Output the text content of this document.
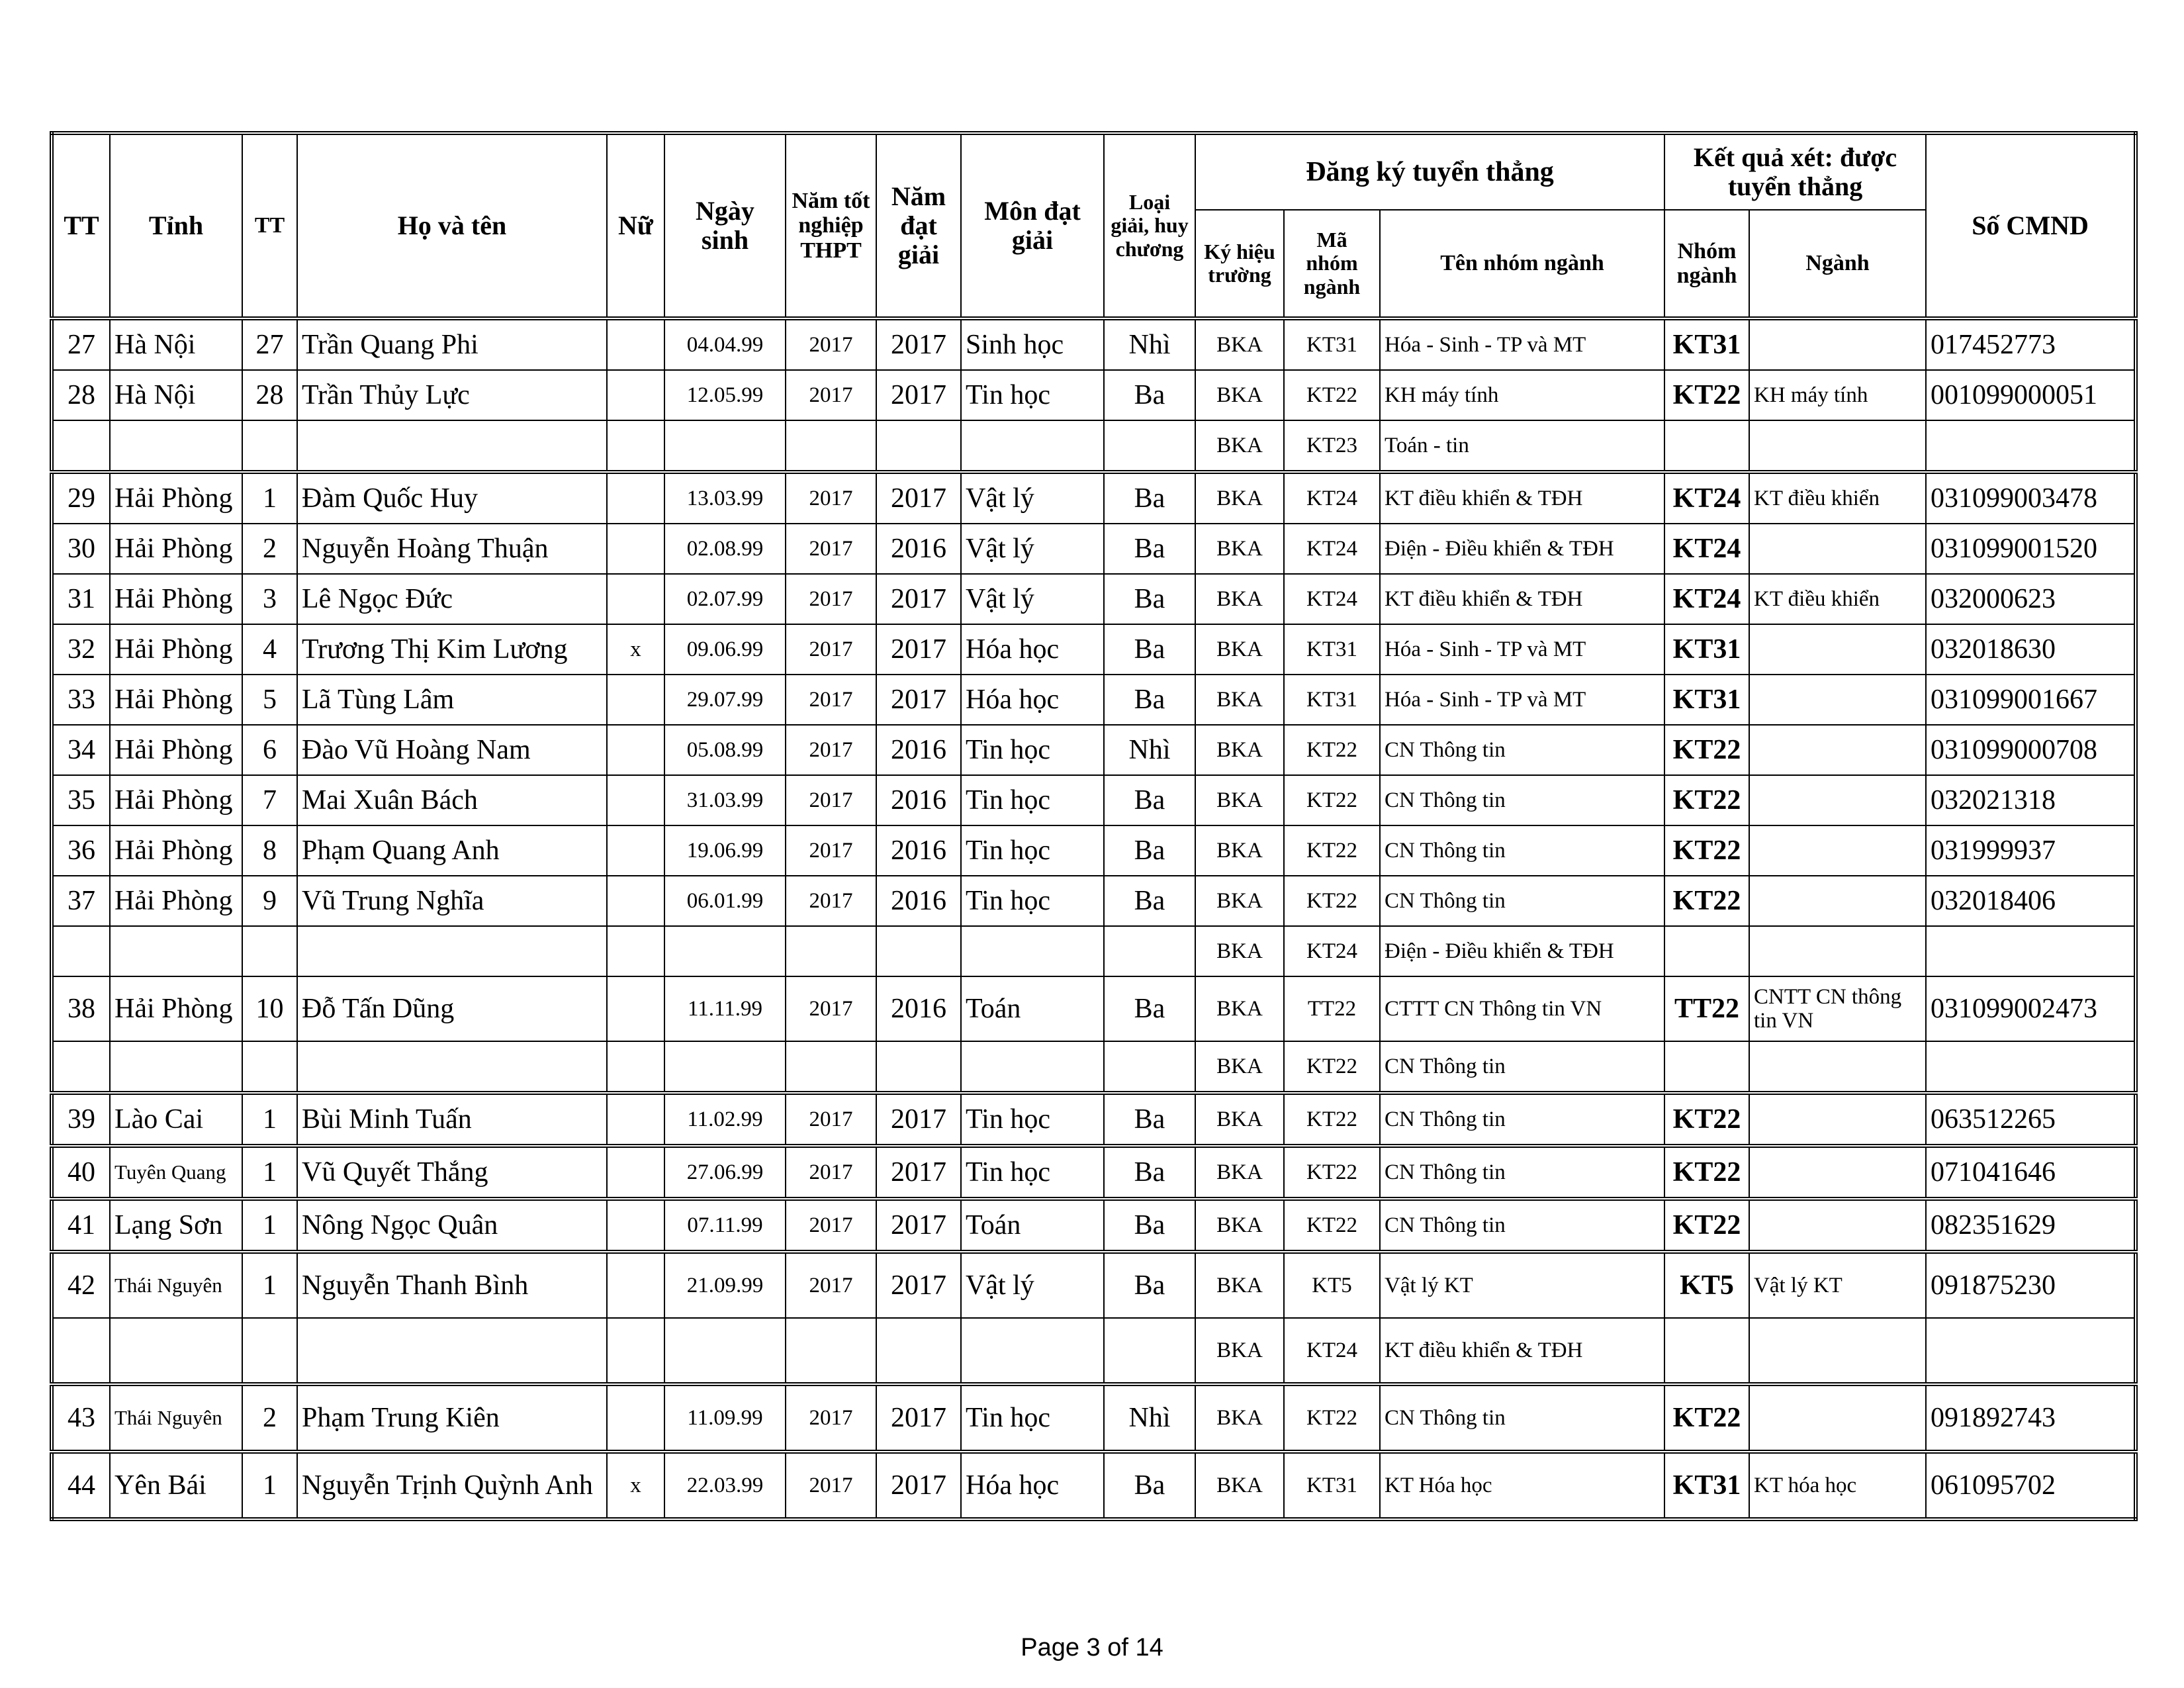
TT	Tỉnh	TT	Họ và tên	Nữ	Ngày sinh	Năm tốt nghiệp THPT	Năm đạt giải	Môn đạt giải	Loại giải, huy chương	Đăng ký tuyển thẳng			Kết quả xét: được tuyển thẳng		Số CMND
										Ký hiệu trường	Mã nhóm ngành	Tên nhóm ngành	Nhóm ngành	Ngành	
27	Hà Nội	27	Trần Quang Phi		04.04.99	2017	2017	Sinh học	Nhì	BKA	KT31	Hóa - Sinh - TP và MT	KT31		017452773
28	Hà Nội	28	Trần Thủy Lực		12.05.99	2017	2017	Tin học	Ba	BKA	KT22	KH máy tính	KT22	KH máy tính	001099000051
										BKA	KT23	Toán - tin			
29	Hải Phòng	1	Đàm Quốc Huy		13.03.99	2017	2017	Vật lý	Ba	BKA	KT24	KT điều khiển & TĐH	KT24	KT điều khiển	031099003478
30	Hải Phòng	2	Nguyễn Hoàng Thuận		02.08.99	2017	2016	Vật lý	Ba	BKA	KT24	Điện - Điều khiển & TĐH	KT24		031099001520
31	Hải Phòng	3	Lê Ngọc Đức		02.07.99	2017	2017	Vật lý	Ba	BKA	KT24	KT điều khiển & TĐH	KT24	KT điều khiển	032000623
32	Hải Phòng	4	Trương Thị Kim Lương	x	09.06.99	2017	2017	Hóa học	Ba	BKA	KT31	Hóa - Sinh - TP và MT	KT31		032018630
33	Hải Phòng	5	Lã Tùng Lâm		29.07.99	2017	2017	Hóa học	Ba	BKA	KT31	Hóa - Sinh - TP và MT	KT31		031099001667
34	Hải Phòng	6	Đào Vũ Hoàng Nam		05.08.99	2017	2016	Tin học	Nhì	BKA	KT22	CN Thông tin	KT22		031099000708
35	Hải Phòng	7	Mai Xuân Bách		31.03.99	2017	2016	Tin học	Ba	BKA	KT22	CN Thông tin	KT22		032021318
36	Hải Phòng	8	Phạm Quang Anh		19.06.99	2017	2016	Tin học	Ba	BKA	KT22	CN Thông tin	KT22		031999937
37	Hải Phòng	9	Vũ Trung Nghĩa		06.01.99	2017	2016	Tin học	Ba	BKA	KT22	CN Thông tin	KT22		032018406
										BKA	KT24	Điện - Điều khiển & TĐH			
38	Hải Phòng	10	Đỗ Tấn Dũng		11.11.99	2017	2016	Toán	Ba	BKA	TT22	CTTT CN Thông tin VN	TT22	CNTT CN thông tin VN	031099002473
										BKA	KT22	CN Thông tin			
39	Lào Cai	1	Bùi Minh Tuấn		11.02.99	2017	2017	Tin học	Ba	BKA	KT22	CN Thông tin	KT22		063512265
40	Tuyên Quang	1	Vũ Quyết Thắng		27.06.99	2017	2017	Tin học	Ba	BKA	KT22	CN Thông tin	KT22		071041646
41	Lạng Sơn	1	Nông Ngọc Quân		07.11.99	2017	2017	Toán	Ba	BKA	KT22	CN Thông tin	KT22		082351629
42	Thái Nguyên	1	Nguyễn Thanh Bình		21.09.99	2017	2017	Vật lý	Ba	BKA	KT5	Vật lý KT	KT5	Vật lý KT	091875230
										BKA	KT24	KT điều khiển & TĐH			
43	Thái Nguyên	2	Phạm Trung Kiên		11.09.99	2017	2017	Tin học	Nhì	BKA	KT22	CN Thông tin	KT22		091892743
44	Yên Bái	1	Nguyễn Trịnh Quỳnh Anh	x	22.03.99	2017	2017	Hóa học	Ba	BKA	KT31	KT Hóa học	KT31	KT hóa học	061095702
Page 3 of 14
